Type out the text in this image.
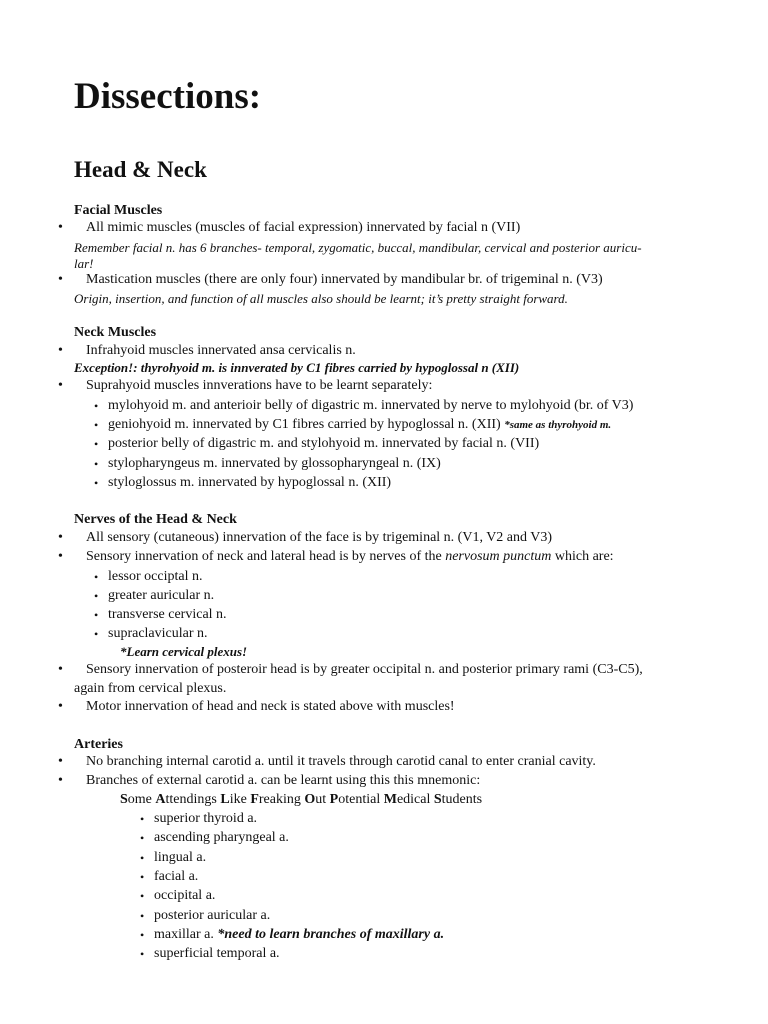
Dissections:
Head & Neck
Facial Muscles
• All mimic muscles (muscles of facial expression) innervated by facial n (VII)
Remember facial n. has 6 branches- temporal, zygomatic, buccal, mandibular, cervical and posterior auricu-
lar!
• Mastication muscles (there are only four) innervated by mandibular br. of trigeminal n. (V3)
Origin, insertion, and function of all muscles also should be learnt; it’s pretty straight forward.
Neck Muscles
• Infrahyoid muscles innervated ansa cervicalis n.
Exception!: thyrohyoid m. is innverated by C1 fibres carried by hypoglossal n (XII)
• Suprahyoid muscles innverations have to be learnt separately:
• mylohyoid m. and anterioir belly of digastric m. innervated by nerve to mylohyoid (br. of V3)
• geniohyoid m. innervated by C1 fibres carried by hypoglossal n. (XII) *same as thyrohyoid m.
• posterior belly of digastric m. and stylohyoid m. innervated by facial n. (VII)
• stylopharyngeus m. innervated by glossopharyngeal n. (IX)
• styloglossus m. innervated by hypoglossal n. (XII)
Nerves of the Head & Neck
• All sensory (cutaneous) innervation of the face is by trigeminal n. (V1, V2 and V3)
• Sensory innervation of neck and lateral head is by nerves of the nervosum punctum which are:
• lessor occiptal n.
• greater auricular n.
• transverse cervical n.
• supraclavicular n.
*Learn cervical plexus!
• Sensory innervation of posteroir head is by greater occipital n. and posterior primary rami (C3-C5),
again from cervical plexus.
• Motor innervation of head and neck is stated above with muscles!
Arteries
• No branching internal carotid a. until it travels through carotid canal to enter cranial cavity.
• Branches of external carotid a. can be learnt using this this mnemonic:
Some Attendings Like Freaking Out Potential Medical Students
• superior thyroid a.
• ascending pharyngeal a.
• lingual a.
• facial a.
• occipital a.
• posterior auricular a.
• maxillar a. *need to learn branches of maxillary a.
• superficial temporal a.
